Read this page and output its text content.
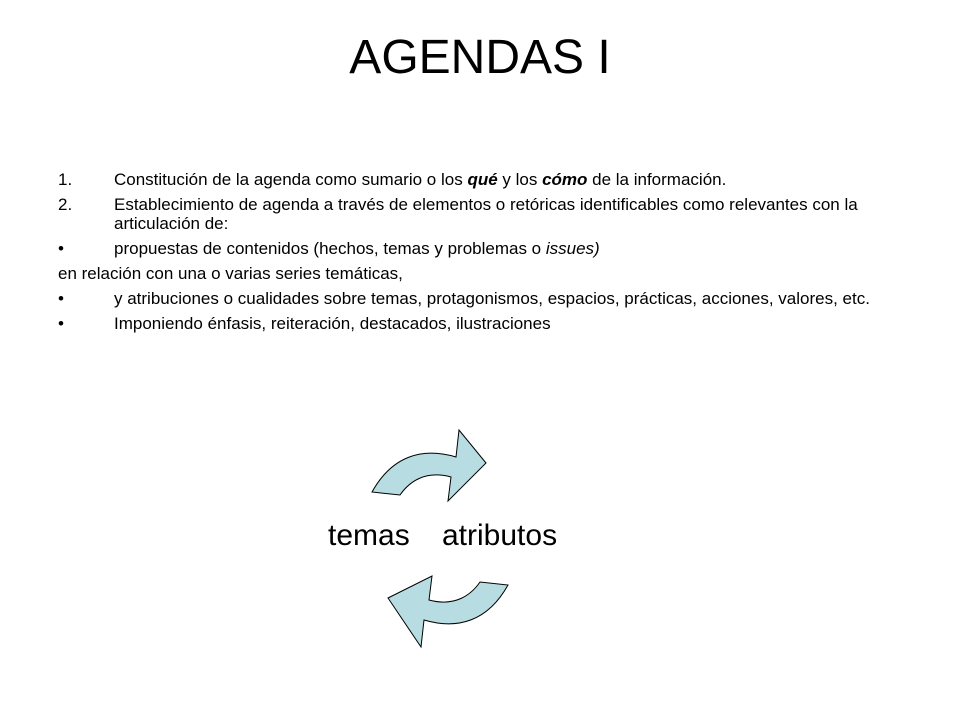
AGENDAS I
1.	Constitución de la agenda como sumario o los qué y los cómo de la información.
2.	Establecimiento de agenda a través de elementos o retóricas identificables como relevantes con la articulación de:
•	propuestas de contenidos (hechos, temas y problemas o issues)
en relación con una o varias series temáticas,
•	y atribuciones o cualidades sobre temas, protagonismos, espacios, prácticas, acciones, valores, etc.
•	Imponiendo énfasis, reiteración, destacados, ilustraciones
temas atributos
